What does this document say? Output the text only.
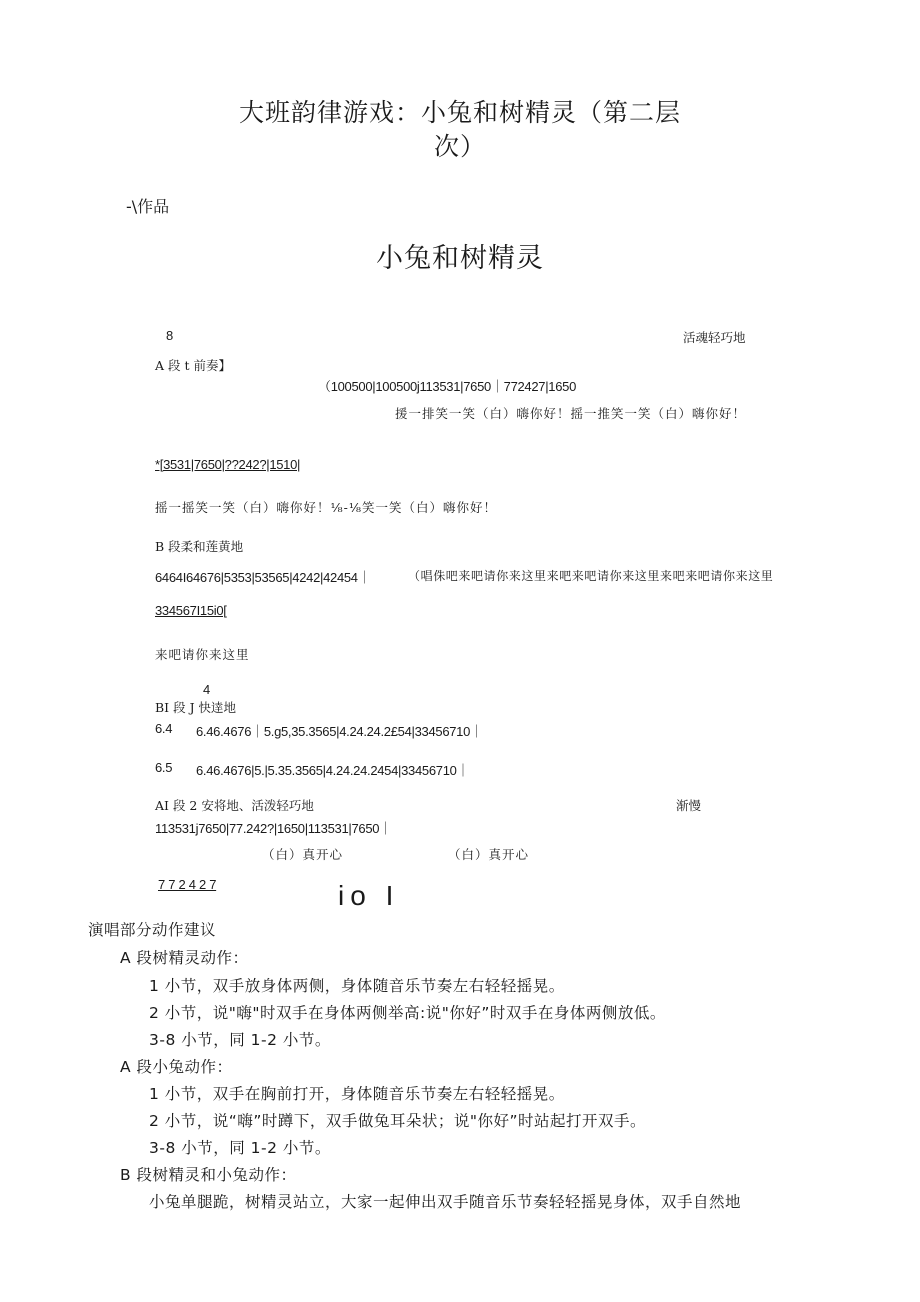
大班韵律游戏：小兔和树精灵（第二层
次）
-\作品
小兔和树精灵
8	活魂轻巧地
A 段 t 前奏】
（100500|100500j113531|7650｜772427|1650
援一排笑一笑（白）嗨你好！摇一推笑一笑（白）嗨你好！
*[3531|7650|??242?|1510|
摇一摇笑一笑（白）嗨你好！⅛-⅛笑一笑（白）嗨你好！
B 段柔和莲黄地
6464I64676|5353|53565|4242|42454｜	（唱侏吧来吧请你来这里来吧来吧请你来这里来吧来吧请你来这里
334567I15i0[
来吧请你来这里
4
BI 段 J 快逹地
6.4 6.46.4676｜5.g5,35.3565|4.24.24.2£54|33456710｜
6.5 6.46.4676|5.|5.35.3565|4.24.24.2454|33456710｜
AI 段 2 安将地、活泼轻巧地	渐慢
113531j7650|77.242?|1650|113531|7650｜
（白）真开心	（白）真开心
7 7 2 4 2 7	io I
演唱部分动作建议
A 段树精灵动作：
1 小节，双手放身体两侧，身体随音乐节奏左右轻轻摇晃。
2 小节，说"嗨"时双手在身体两侧举高:说"你好”时双手在身体两侧放低。
3-8 小节，同 1-2 小节。
A 段小兔动作：
1 小节，双手在胸前打开，身体随音乐节奏左右轻轻摇晃。
2 小节，说“嗨”时蹲下，双手做兔耳朵状；说"你好”时站起打开双手。
3-8 小节，同 1-2 小节。
B 段树精灵和小兔动作：
小兔单腿跪，树精灵站立，大家一起伸出双手随音乐节奏轻轻摇晃身体，双手自然地
